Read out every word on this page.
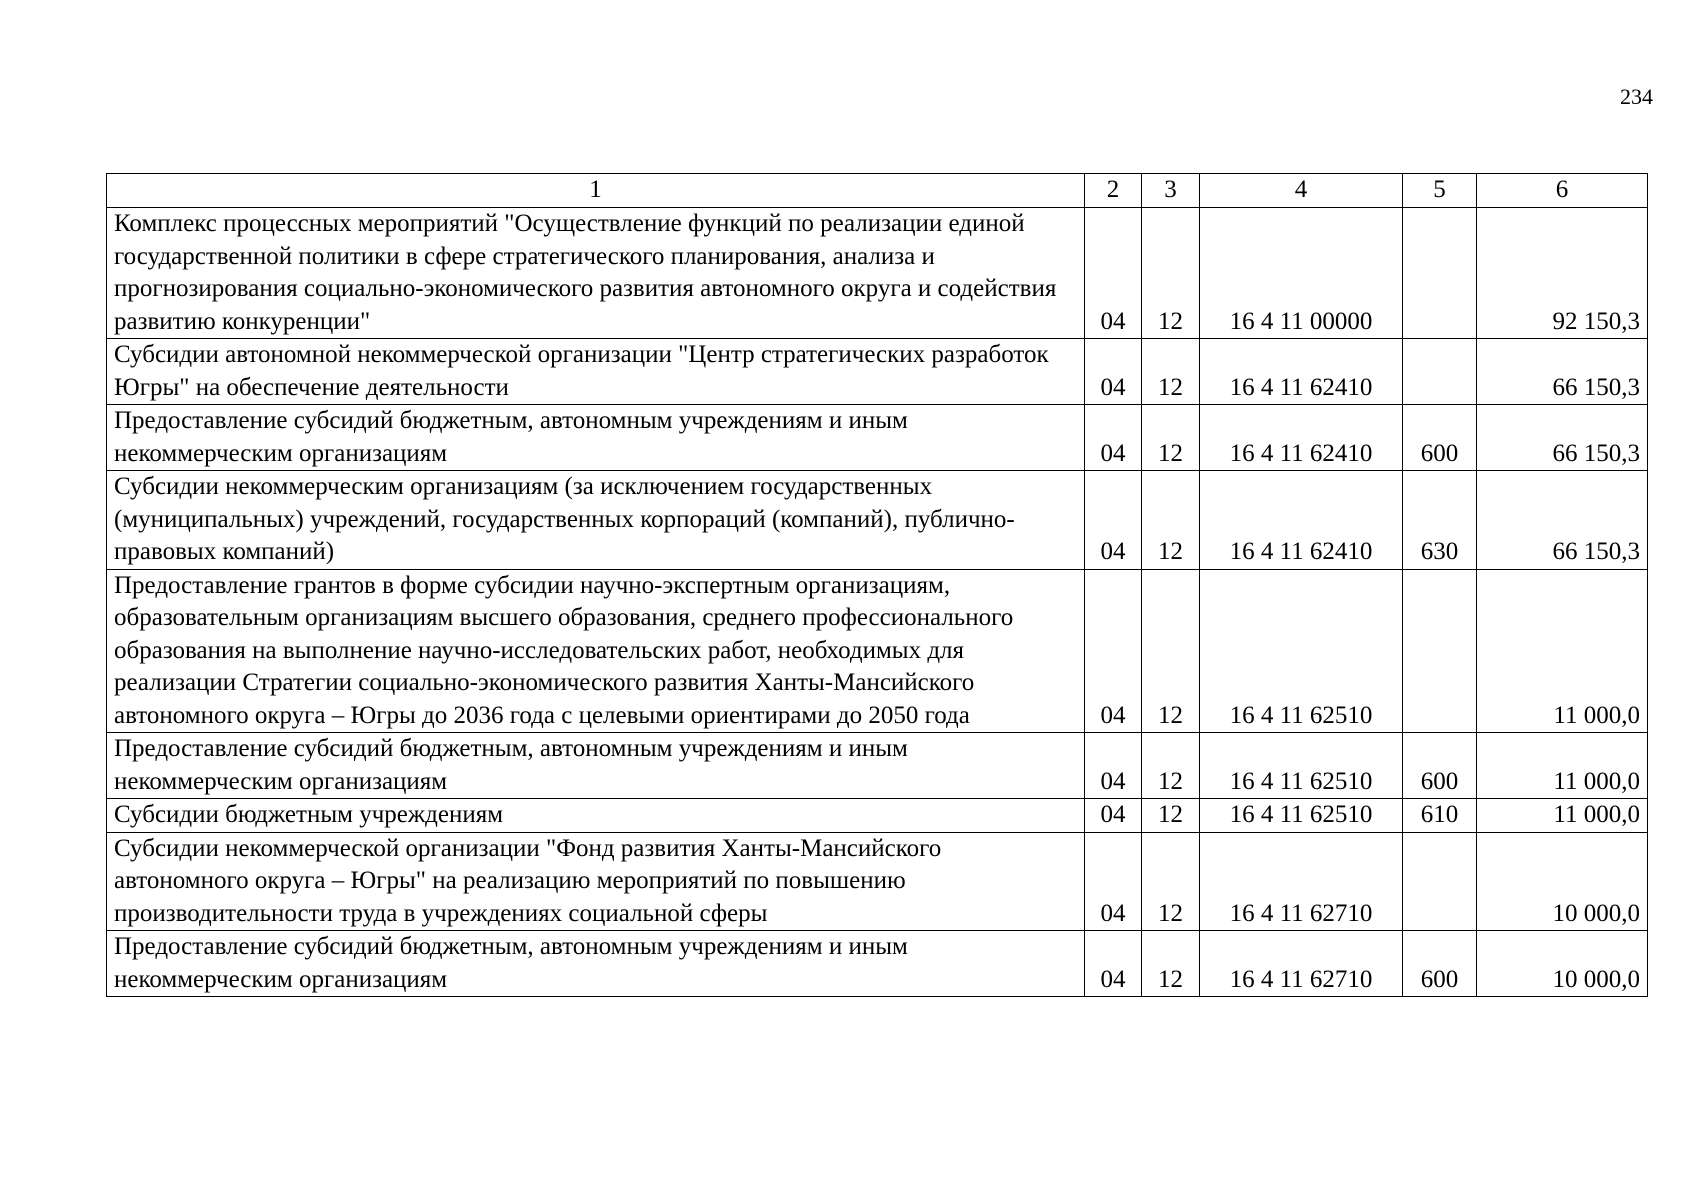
234
1	2	3	4	5	6
Комплекс процессных мероприятий "Осуществление функций по реализации единой государственной политики в сфере стратегического планирования, анализа и прогнозирования социально-экономического развития автономного округа и содействия развитию конкуренции"	04	12	16 4 11 00000		92 150,3
Субсидии автономной некоммерческой организации "Центр стратегических разработок Югры" на обеспечение деятельности	04	12	16 4 11 62410		66 150,3
Предоставление субсидий бюджетным, автономным учреждениям и иным некоммерческим организациям	04	12	16 4 11 62410	600	66 150,3
Субсидии некоммерческим организациям (за исключением государственных (муниципальных) учреждений, государственных корпораций (компаний), публично-правовых компаний)	04	12	16 4 11 62410	630	66 150,3
Предоставление грантов в форме субсидии научно-экспертным организациям, образовательным организациям высшего образования, среднего профессионального образования на выполнение научно-исследовательских работ, необходимых для реализации Стратегии социально-экономического развития Ханты-Мансийского автономного округа – Югры до 2036 года с целевыми ориентирами до 2050 года	04	12	16 4 11 62510		11 000,0
Предоставление субсидий бюджетным, автономным учреждениям и иным некоммерческим организациям	04	12	16 4 11 62510	600	11 000,0
Субсидии бюджетным учреждениям	04	12	16 4 11 62510	610	11 000,0
Субсидии некоммерческой организации "Фонд развития Ханты-Мансийского автономного округа – Югры" на реализацию мероприятий по повышению производительности труда в учреждениях социальной сферы	04	12	16 4 11 62710		10 000,0
Предоставление субсидий бюджетным, автономным учреждениям и иным некоммерческим организациям	04	12	16 4 11 62710	600	10 000,0
